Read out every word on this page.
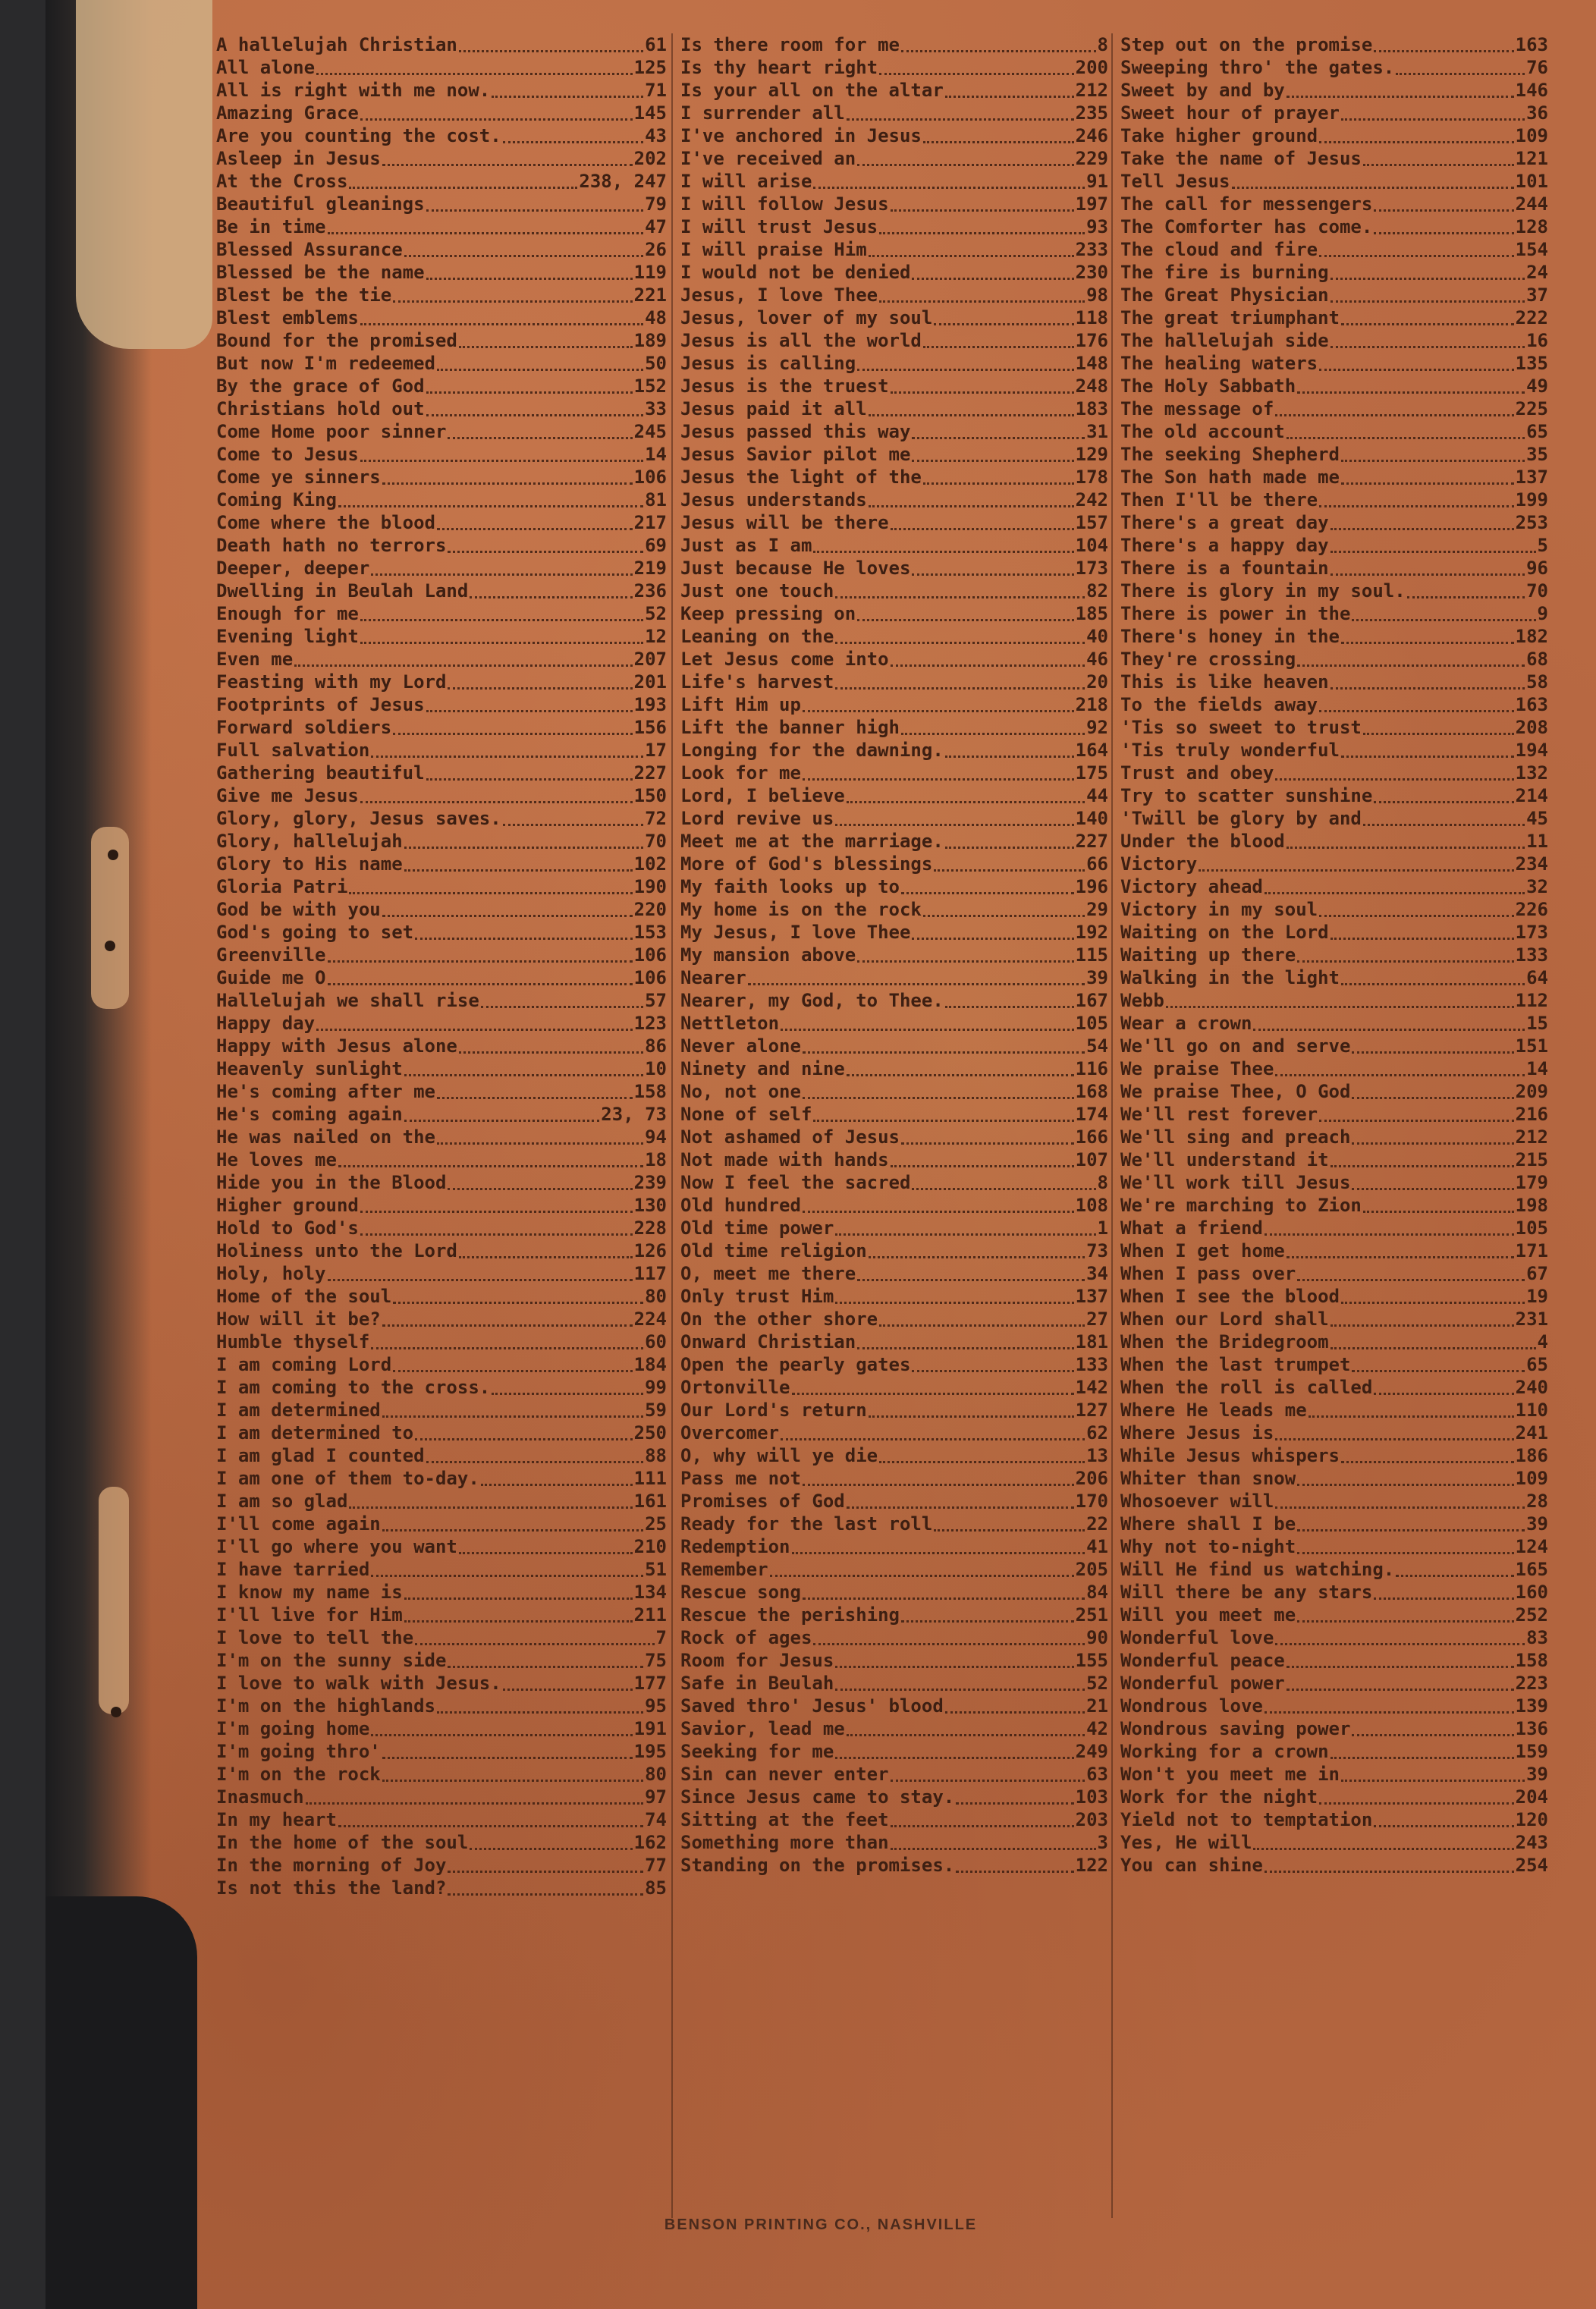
A hallelujah Christian	61
All alone	125
All is right with me now.	71
Amazing Grace	145
Are you counting the cost.	43
Asleep in Jesus	202
At the Cross	238, 247
Beautiful gleanings	79
Be in time	47
Blessed Assurance	26
Blessed be the name	119
Blest be the tie	221
Blest emblems	48
Bound for the promised	189
But now I'm redeemed	50
By the grace of God	152
Christians hold out	33
Come Home poor sinner	245
Come to Jesus	14
Come ye sinners	106
Coming King	81
Come where the blood	217
Death hath no terrors	69
Deeper, deeper	219
Dwelling in Beulah Land	236
Enough for me	52
Evening light	12
Even me	207
Feasting with my Lord	201
Footprints of Jesus	193
Forward soldiers	156
Full salvation	17
Gathering beautiful	227
Give me Jesus	150
Glory, glory, Jesus saves.	72
Glory, hallelujah	70
Glory to His name	102
Gloria Patri	190
God be with you	220
God's going to set	153
Greenville	106
Guide me O	106
Hallelujah we shall rise	57
Happy day	123
Happy with Jesus alone	86
Heavenly sunlight	10
He's coming after me	158
He's coming again	23, 73
He was nailed on the	94
He loves me	18
Hide you in the Blood	239
Higher ground	130
Hold to God's	228
Holiness unto the Lord	126
Holy, holy	117
Home of the soul	80
How will it be?	224
Humble thyself	60
I am coming Lord	184
I am coming to the cross.	99
I am determined	59
I am determined to	250
I am glad I counted	88
I am one of them to-day.	111
I am so glad	161
I'll come again	25
I'll go where you want	210
I have tarried	51
I know my name is	134
I'll live for Him	211
I love to tell the	7
I'm on the sunny side	75
I love to walk with Jesus.	177
I'm on the highlands	95
I'm going home	191
I'm going thro'	195
I'm on the rock	80
Inasmuch	97
In my heart	74
In the home of the soul	162
In the morning of Joy	77
Is not this the land?	85
Is there room for me	8
Is thy heart right	200
Is your all on the altar	212
I surrender all	235
I've anchored in Jesus	246
I've received an	229
I will arise	91
I will follow Jesus	197
I will trust Jesus	93
I will praise Him	233
I would not be denied	230
Jesus, I love Thee	98
Jesus, lover of my soul	118
Jesus is all the world	176
Jesus is calling	148
Jesus is the truest	248
Jesus paid it all	183
Jesus passed this way	31
Jesus Savior pilot me	129
Jesus the light of the	178
Jesus understands	242
Jesus will be there	157
Just as I am	104
Just because He loves	173
Just one touch	82
Keep pressing on	185
Leaning on the	40
Let Jesus come into	46
Life's harvest	20
Lift Him up	218
Lift the banner high	92
Longing for the dawning.	164
Look for me	175
Lord, I believe	44
Lord revive us	140
Meet me at the marriage.	227
More of God's blessings	66
My faith looks up to	196
My home is on the rock	29
My Jesus, I love Thee	192
My mansion above	115
Nearer	39
Nearer, my God, to Thee.	167
Nettleton	105
Never alone	54
Ninety and nine	116
No, not one	168
None of self	174
Not ashamed of Jesus	166
Not made with hands	107
Now I feel the sacred	8
Old hundred	108
Old time power	1
Old time religion	73
O, meet me there	34
Only trust Him	137
On the other shore	27
Onward Christian	181
Open the pearly gates	133
Ortonville	142
Our Lord's return	127
Overcomer	62
O, why will ye die	13
Pass me not	206
Promises of God	170
Ready for the last roll	22
Redemption	41
Remember	205
Rescue song	84
Rescue the perishing	251
Rock of ages	90
Room for Jesus	155
Safe in Beulah	52
Saved thro' Jesus' blood	21
Savior, lead me	42
Seeking for me	249
Sin can never enter	63
Since Jesus came to stay.	103
Sitting at the feet	203
Something more than	3
Standing on the promises.	122
Step out on the promise	163
Sweeping thro' the gates.	76
Sweet by and by	146
Sweet hour of prayer	36
Take higher ground	109
Take the name of Jesus	121
Tell Jesus	101
The call for messengers	244
The Comforter has come.	128
The cloud and fire	154
The fire is burning	24
The Great Physician	37
The great triumphant	222
The hallelujah side	16
The healing waters	135
The Holy Sabbath	49
The message of	225
The old account	65
The seeking Shepherd	35
The Son hath made me	137
Then I'll be there	199
There's a great day	253
There's a happy day	5
There is a fountain	96
There is glory in my soul.	70
There is power in the	9
There's honey in the	182
They're crossing	68
This is like heaven	58
To the fields away	163
'Tis so sweet to trust	208
'Tis truly wonderful	194
Trust and obey	132
Try to scatter sunshine	214
'Twill be glory by and	45
Under the blood	11
Victory	234
Victory ahead	32
Victory in my soul	226
Waiting on the Lord	173
Waiting up there	133
Walking in the light	64
Webb	112
Wear a crown	15
We'll go on and serve	151
We praise Thee	14
We praise Thee, O God	209
We'll rest forever	216
We'll sing and preach	212
We'll understand it	215
We'll work till Jesus	179
We're marching to Zion	198
What a friend	105
When I get home	171
When I pass over	67
When I see the blood	19
When our Lord shall	231
When the Bridegroom	4
When the last trumpet	65
When the roll is called	240
Where He leads me	110
Where Jesus is	241
While Jesus whispers	186
Whiter than snow	109
Whosoever will	28
Where shall I be	39
Why not to-night	124
Will He find us watching.	165
Will there be any stars	160
Will you meet me	252
Wonderful love	83
Wonderful peace	158
Wonderful power	223
Wondrous love	139
Wondrous saving power	136
Working for a crown	159
Won't you meet me in	39
Work for the night	204
Yield not to temptation	120
Yes, He will	243
You can shine	254
BENSON PRINTING CO., NASHVILLE
